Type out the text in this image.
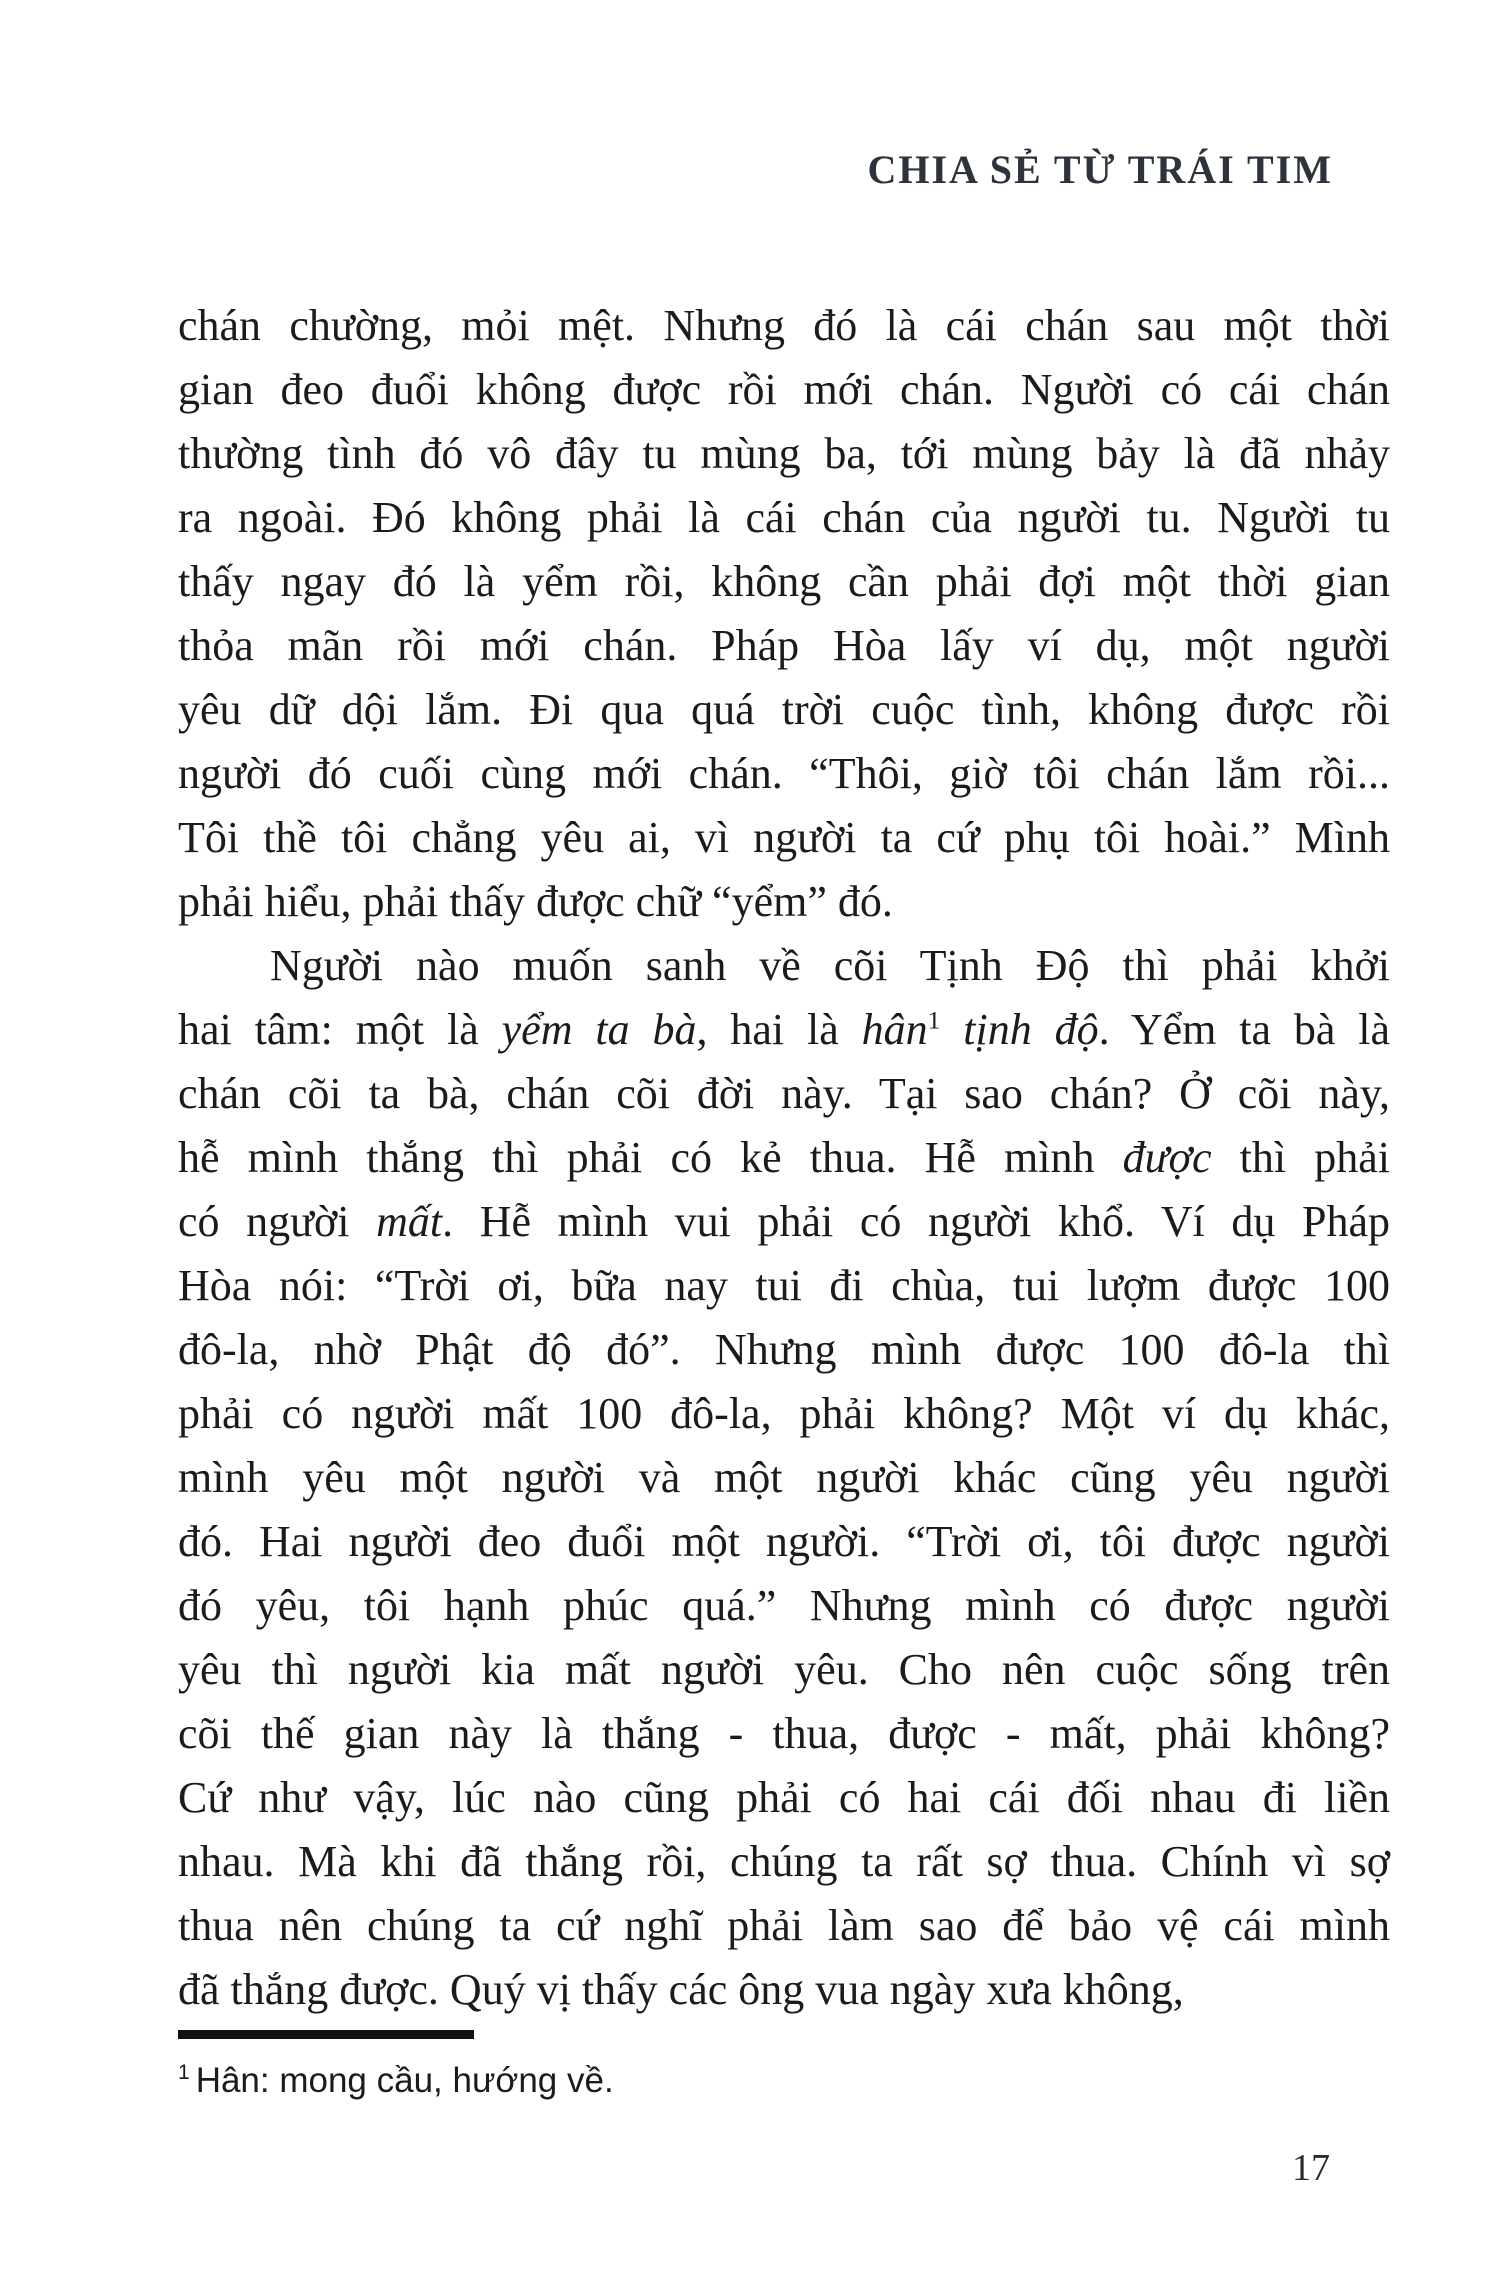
CHIA SẺ TỪ TRÁI TIM
chán chường, mỏi mệt. Nhưng đó là cái chán sau một thời
gian đeo đuổi không được rồi mới chán. Người có cái chán
thường tình đó vô đây tu mùng ba, tới mùng bảy là đã nhảy
ra ngoài. Đó không phải là cái chán của người tu. Người tu
thấy ngay đó là yểm rồi, không cần phải đợi một thời gian
thỏa mãn rồi mới chán. Pháp Hòa lấy ví dụ, một người
yêu dữ dội lắm. Đi qua quá trời cuộc tình, không được rồi
người đó cuối cùng mới chán. “Thôi, giờ tôi chán lắm rồi...
Tôi thề tôi chẳng yêu ai, vì người ta cứ phụ tôi hoài.” Mình
phải hiểu, phải thấy được chữ “yểm” đó.
Người nào muốn sanh về cõi Tịnh Độ thì phải khởi
hai tâm: một là yểm ta bà, hai là hân$^1$ tịnh độ. Yểm ta bà là
chán cõi ta bà, chán cõi đời này. Tại sao chán? Ở cõi này,
hễ mình thắng thì phải có kẻ thua. Hễ mình được thì phải
có người mất. Hễ mình vui phải có người khổ. Ví dụ Pháp
Hòa nói: “Trời ơi, bữa nay tui đi chùa, tui lượm được 100
đô-la, nhờ Phật độ đó”. Nhưng mình được 100 đô-la thì
phải có người mất 100 đô-la, phải không? Một ví dụ khác,
mình yêu một người và một người khác cũng yêu người
đó. Hai người đeo đuổi một người. “Trời ơi, tôi được người
đó yêu, tôi hạnh phúc quá.” Nhưng mình có được người
yêu thì người kia mất người yêu. Cho nên cuộc sống trên
cõi thế gian này là thắng - thua, được - mất, phải không?
Cứ như vậy, lúc nào cũng phải có hai cái đối nhau đi liền
nhau. Mà khi đã thắng rồi, chúng ta rất sợ thua. Chính vì sợ
thua nên chúng ta cứ nghĩ phải làm sao để bảo vệ cái mình
đã thắng được. Quý vị thấy các ông vua ngày xưa không,
$^1$ Hân: mong cầu, hướng về.
17
